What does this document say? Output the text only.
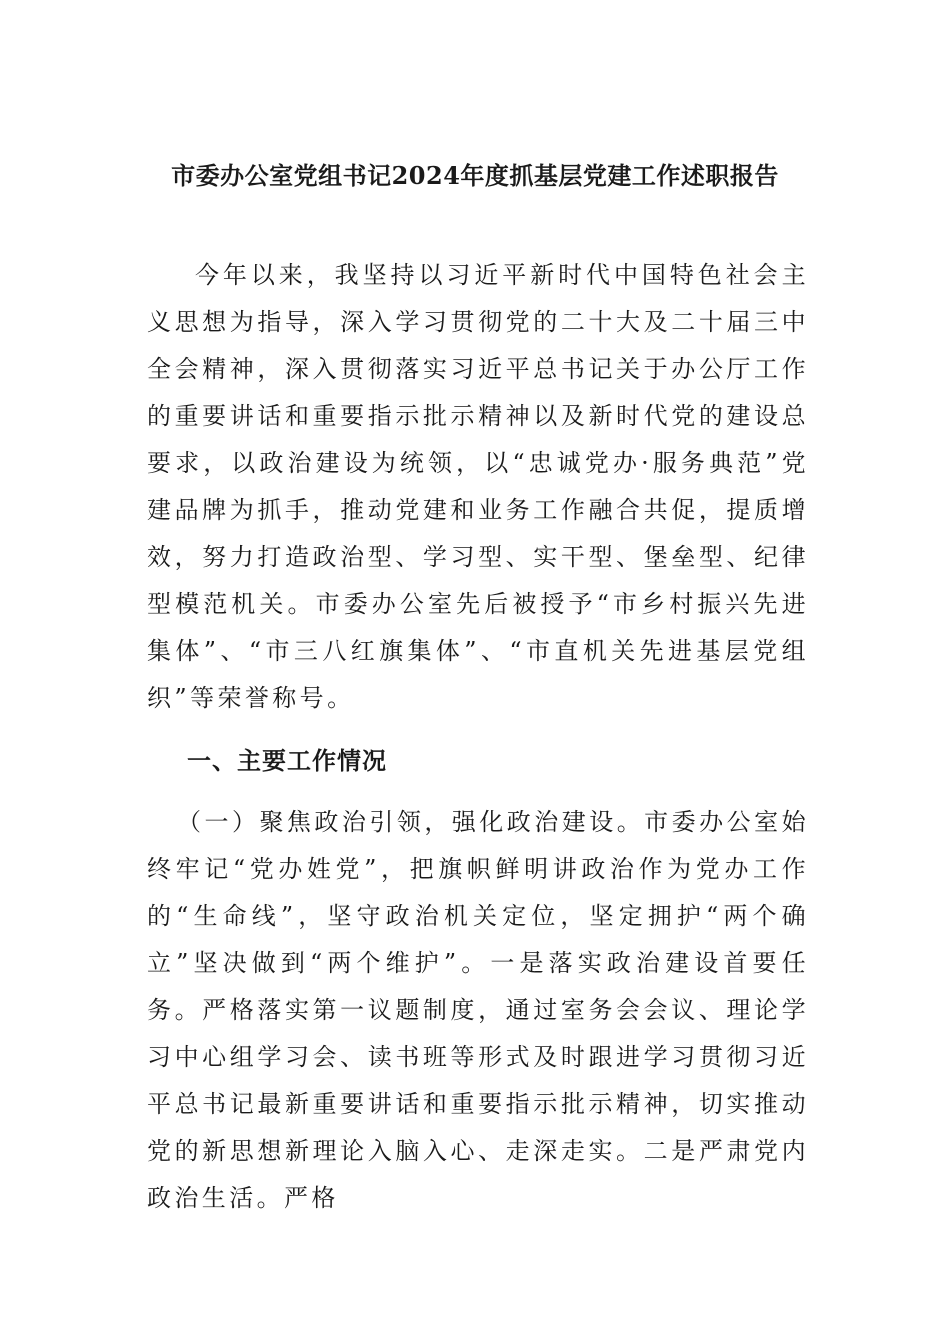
市委办公室党组书记2024年度抓基层党建工作述职报告
今年以来，我坚持以习近平新时代中国特色社会主义思想为指导，深入学习贯彻党的二十大及二十届三中全会精神，深入贯彻落实习近平总书记关于办公厅工作的重要讲话和重要指示批示精神以及新时代党的建设总要求，以政治建设为统领，以“忠诚党办·服务典范”党建品牌为抓手，推动党建和业务工作融合共促，提质增效，努力打造政治型、学习型、实干型、堡垒型、纪律型模范机关。市委办公室先后被授予“市乡村振兴先进集体”、“市三八红旗集体”、“市直机关先进基层党组织”等荣誉称号。
一、主要工作情况
（一）聚焦政治引领，强化政治建设。市委办公室始终牢记“党办姓党”，把旗帜鲜明讲政治作为党办工作的“生命线”，坚守政治机关定位，坚定拥护“两个确立”坚决做到“两个维护”。一是落实政治建设首要任务。严格落实第一议题制度，通过室务会会议、理论学习中心组学习会、读书班等形式及时跟进学习贯彻习近平总书记最新重要讲话和重要指示批示精神，切实推动党的新思想新理论入脑入心、走深走实。二是严肃党内政治生活。严格
